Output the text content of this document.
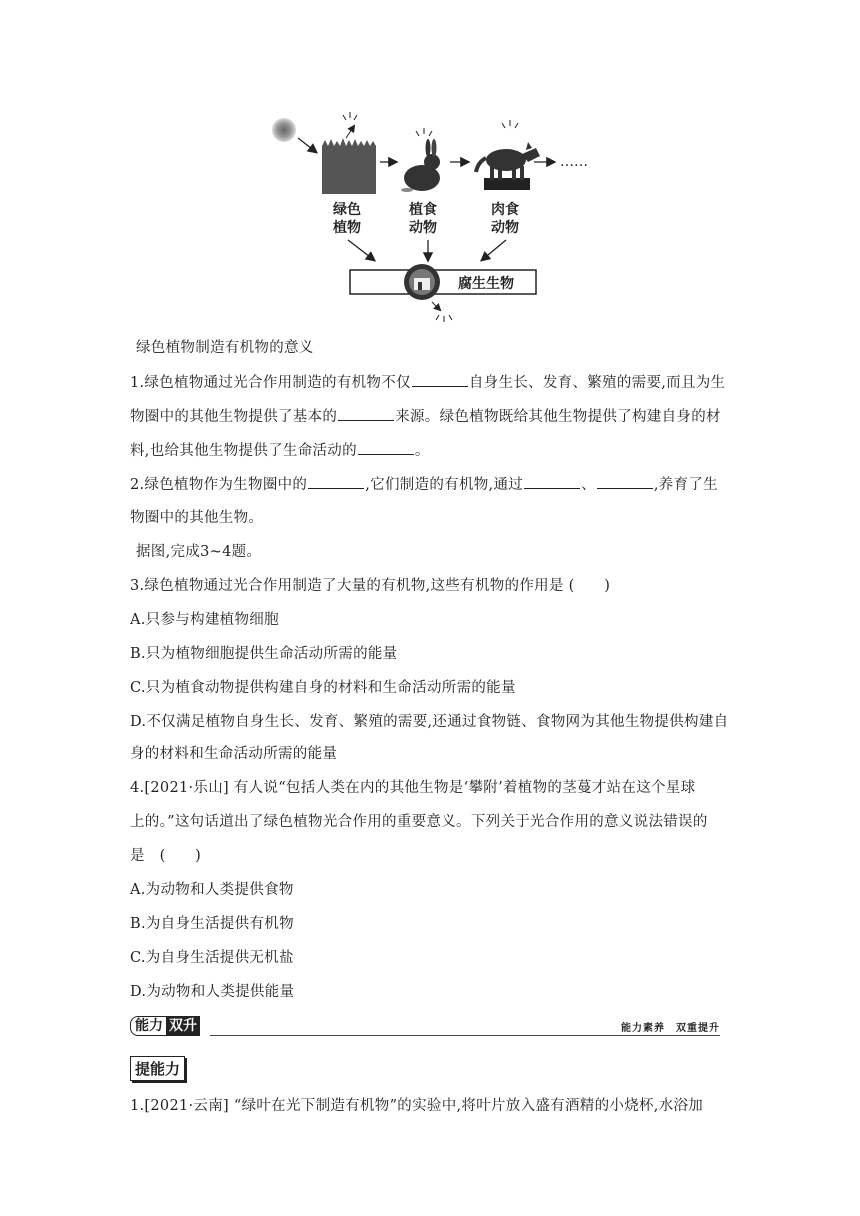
……
绿色
植物
植食
动物
肉食
动物
腐生生物
绿色植物制造有机物的意义
1.绿色植物通过光合作用制造的有机物不仅	自身生长、发育、繁殖的需要,而且为生
物圈中的其他生物提供了基本的	来源。绿色植物既给其他生物提供了构建自身的材
料,也给其他生物提供了生命活动的	。
2.绿色植物作为生物圈中的	,它们制造的有机物,通过	、	,养育了生
物圈中的其他生物。
据图,完成3~4题。
3.绿色植物通过光合作用制造了大量的有机物,这些有机物的作用是 (　　)
A.只参与构建植物细胞
B.只为植物细胞提供生命活动所需的能量
C.只为植食动物提供构建自身的材料和生命活动所需的能量
D.不仅满足植物自身生长、发育、繁殖的需要,还通过食物链、食物网为其他生物提供构建自
身的材料和生命活动所需的能量
4.[2021·乐山] 有人说“包括人类在内的其他生物是‘攀附’着植物的茎蔓才站在这个星球
上的。”这句话道出了绿色植物光合作用的重要意义。下列关于光合作用的意义说法错误的
是　 (　　)
A.为动物和人类提供食物
B.为自身生活提供有机物
C.为自身生活提供无机盐
D.为动物和人类提供能量
能力 双升	能力素养　 双重提升
提能力
1.[2021·云南] “绿叶在光下制造有机物”的实验中,将叶片放入盛有酒精的小烧杯,水浴加
